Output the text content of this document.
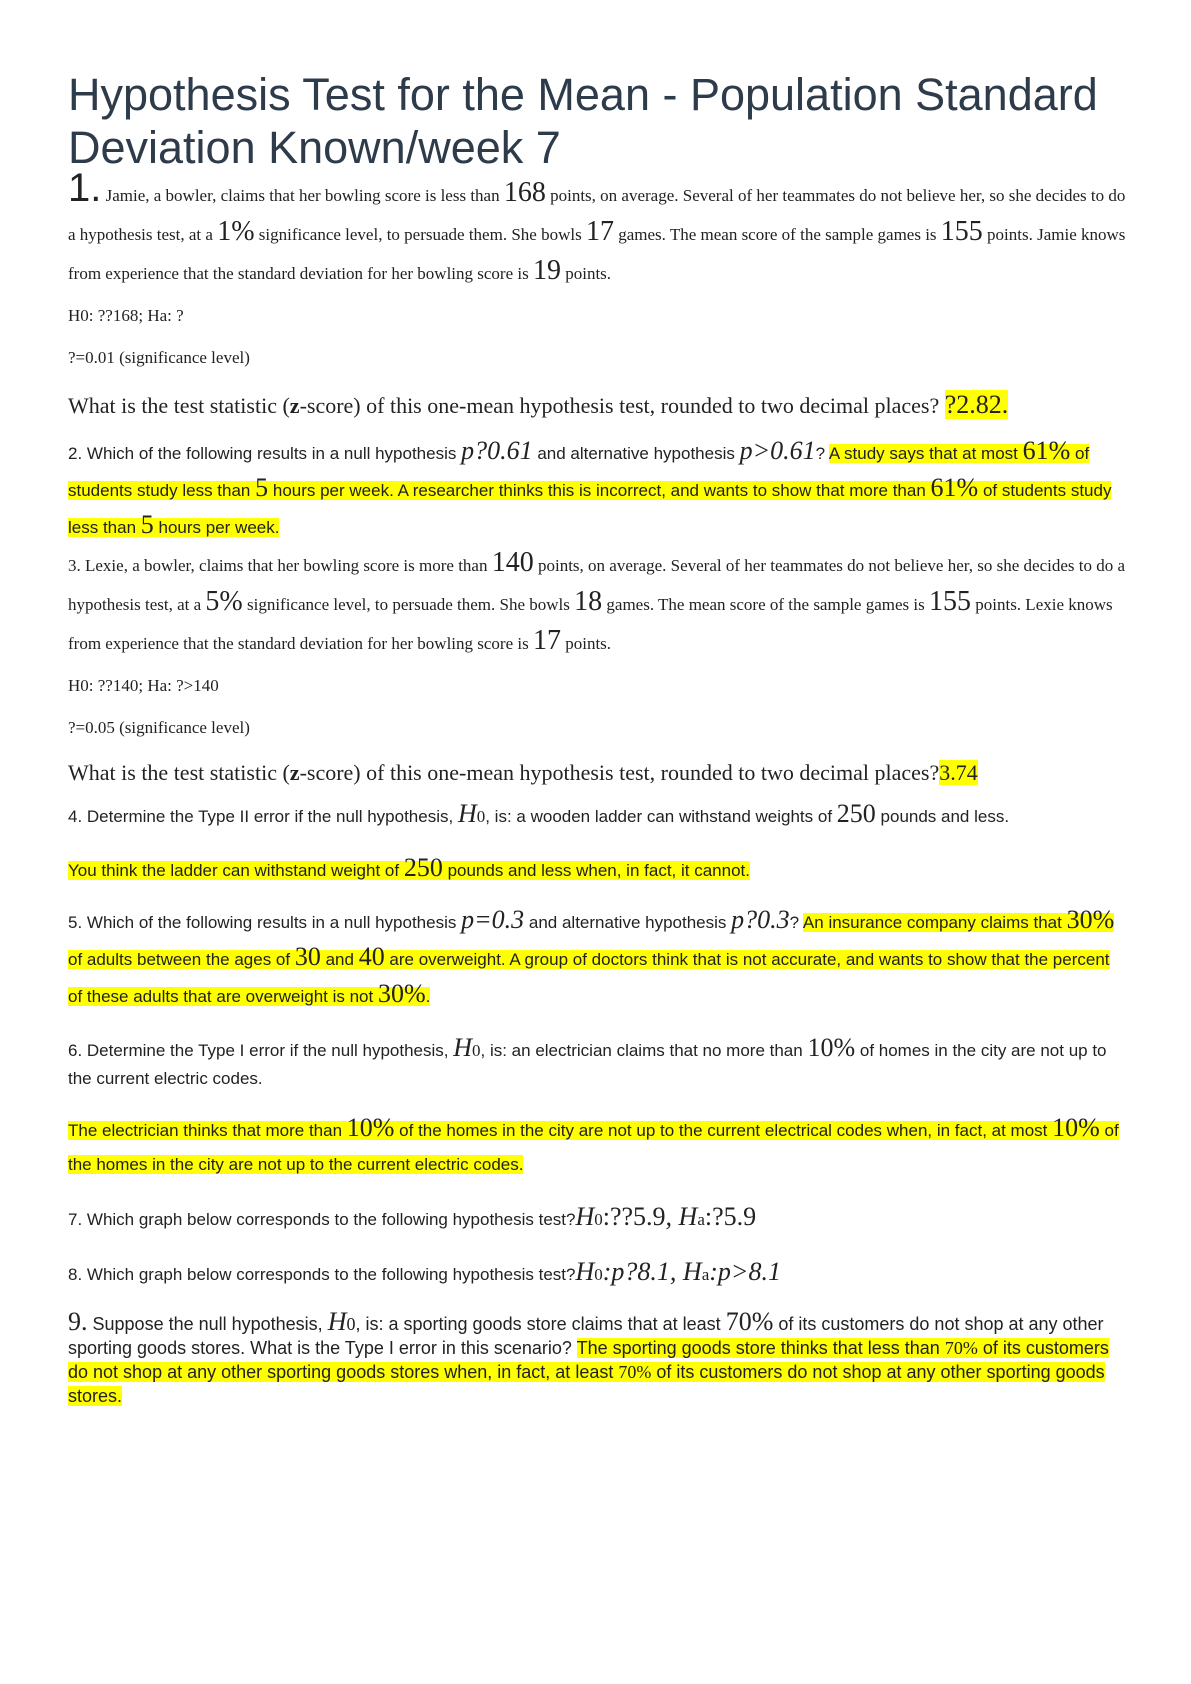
Hypothesis Test for the Mean - Population Standard Deviation Known/week 7

1. Jamie, a bowler, claims that her bowling score is less than 168 points, on average. Several of her teammates do not believe her, so she decides to do a hypothesis test, at a 1% significance level, to persuade them. She bowls 17 games. The mean score of the sample games is 155 points. Jamie knows from experience that the standard deviation for her bowling score is 19 points.

H0: ??168; Ha: ?

?=0.01 (significance level)

What is the test statistic (z-score) of this one-mean hypothesis test, rounded to two decimal places? ?2.82.

2. Which of the following results in a null hypothesis p?0.61 and alternative hypothesis p>0.61? A study says that at most 61% of students study less than 5 hours per week. A researcher thinks this is incorrect, and wants to show that more than 61% of students study less than 5 hours per week.

3. Lexie, a bowler, claims that her bowling score is more than 140 points, on average. Several of her teammates do not believe her, so she decides to do a hypothesis test, at a 5% significance level, to persuade them. She bowls 18 games. The mean score of the sample games is 155 points. Lexie knows from experience that the standard deviation for her bowling score is 17 points.

H0: ??140; Ha: ?>140

?=0.05 (significance level)

What is the test statistic (z-score) of this one-mean hypothesis test, rounded to two decimal places?3.74

4. Determine the Type II error if the null hypothesis, H0, is: a wooden ladder can withstand weights of 250 pounds and less.

You think the ladder can withstand weight of 250 pounds and less when, in fact, it cannot.

5. Which of the following results in a null hypothesis p=0.3 and alternative hypothesis p?0.3? An insurance company claims that 30% of adults between the ages of 30 and 40 are overweight. A group of doctors think that is not accurate, and wants to show that the percent of these adults that are overweight is not 30%.

6. Determine the Type I error if the null hypothesis, H0, is: an electrician claims that no more than 10% of homes in the city are not up to the current electric codes.

The electrician thinks that more than 10% of the homes in the city are not up to the current electrical codes when, in fact, at most 10% of the homes in the city are not up to the current electric codes.

7. Which graph below corresponds to the following hypothesis test?H0:??5.9, Ha:?5.9

8. Which graph below corresponds to the following hypothesis test?H0:p?8.1, Ha:p>8.1

9. Suppose the null hypothesis, H0, is: a sporting goods store claims that at least 70% of its customers do not shop at any other sporting goods stores. What is the Type I error in this scenario? The sporting goods store thinks that less than 70% of its customers do not shop at any other sporting goods stores when, in fact, at least 70% of its customers do not shop at any other sporting goods stores.
